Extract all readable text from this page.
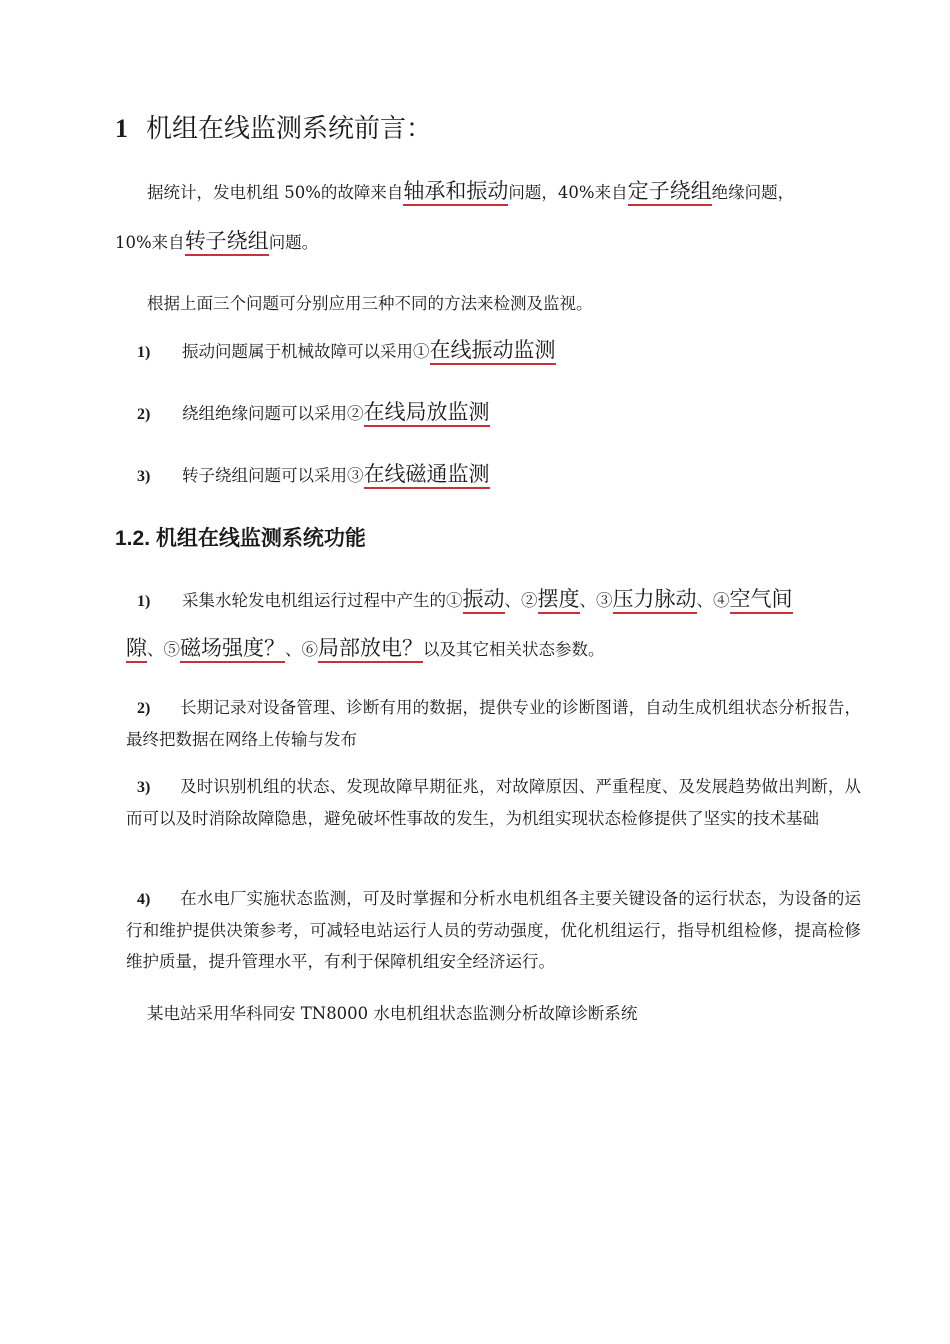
1 机组在线监测系统前言：
据统计，发电机组 50%的故障来自轴承和振动问题，40%来自定子绕组绝缘问题，
10%来自转子绕组问题。
根据上面三个问题可分别应用三种不同的方法来检测及监视。
1) 振动问题属于机械故障可以采用①在线振动监测
2) 绕组绝缘问题可以采用②在线局放监测
3) 转子绕组问题可以采用③在线磁通监测
1.2. 机组在线监测系统功能
1) 采集水轮发电机组运行过程中产生的①振动、②摆度、③压力脉动、④空气间
隙、⑤磁场强度？、⑥局部放电？以及其它相关状态参数。
2) 长期记录对设备管理、诊断有用的数据，提供专业的诊断图谱，自动生成机组状态分析报告，最终把数据在网络上传输与发布
3) 及时识别机组的状态、发现故障早期征兆，对故障原因、严重程度、及发展趋势做出判断，从而可以及时消除故障隐患，避免破坏性事故的发生，为机组实现状态检修提供了坚实的技术基础
4) 在水电厂实施状态监测，可及时掌握和分析水电机组各主要关键设备的运行状态，为设备的运行和维护提供决策参考，可减轻电站运行人员的劳动强度，优化机组运行，指导机组检修，提高检修维护质量，提升管理水平，有利于保障机组安全经济运行。
某电站采用华科同安 TN8000 水电机组状态监测分析故障诊断系统
